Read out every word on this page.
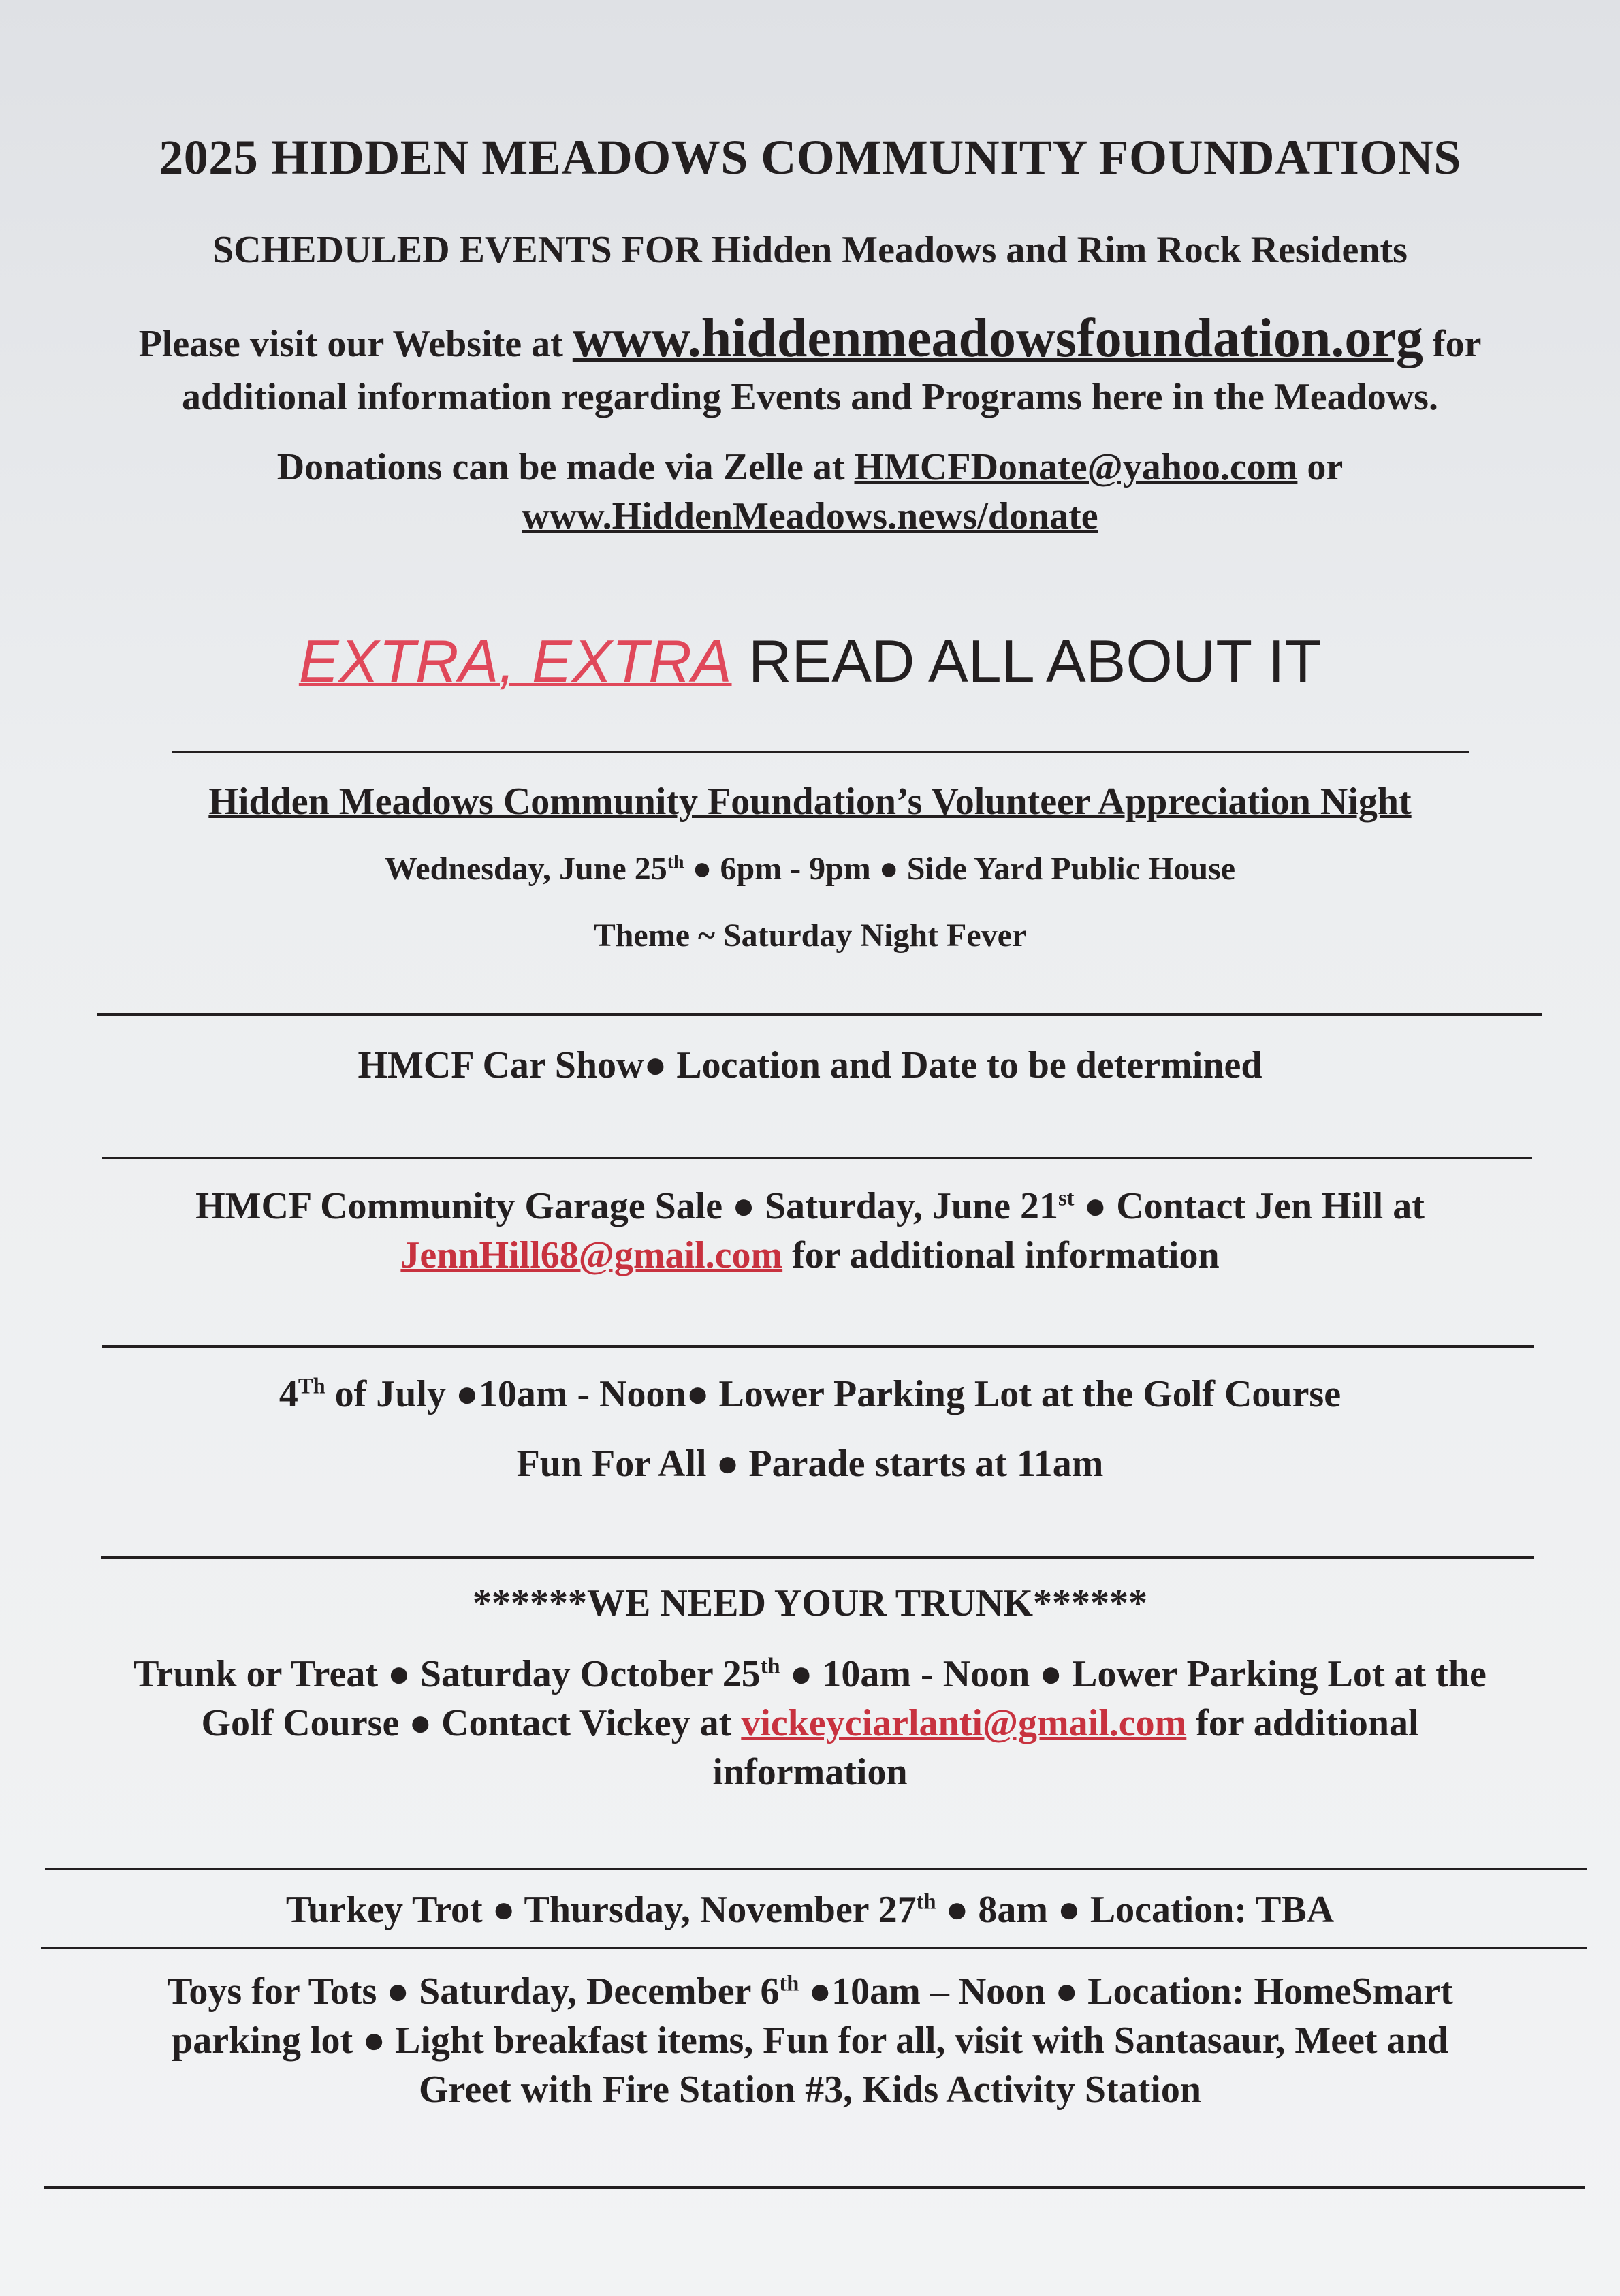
2025 HIDDEN MEADOWS COMMUNITY FOUNDATIONS
SCHEDULED EVENTS FOR Hidden Meadows and Rim Rock Residents
Please visit our Website at www.hiddenmeadowsfoundation.org for
additional information regarding Events and Programs here in the Meadows.
Donations can be made via Zelle at HMCFDonate@yahoo.com or
www.HiddenMeadows.news/donate
EXTRA, EXTRA READ ALL ABOUT IT
Hidden Meadows Community Foundation’s Volunteer Appreciation Night
Wednesday, June 25th ● 6pm - 9pm ● Side Yard Public House
Theme ~ Saturday Night Fever
HMCF Car Show● Location and Date to be determined
HMCF Community Garage Sale ● Saturday, June 21st ● Contact Jen Hill at
JennHill68@gmail.com for additional information
4Th of July ●10am - Noon● Lower Parking Lot at the Golf Course
Fun For All ● Parade starts at 11am
******WE NEED YOUR TRUNK******
Trunk or Treat ● Saturday October 25th ● 10am - Noon ● Lower Parking Lot at the
Golf Course ● Contact Vickey at vickeyciarlanti@gmail.com for additional
information
Turkey Trot ● Thursday, November 27th ● 8am ● Location: TBA
Toys for Tots ● Saturday, December 6th ●10am – Noon ● Location: HomeSmart
parking lot ● Light breakfast items, Fun for all, visit with Santasaur, Meet and
Greet with Fire Station #3, Kids Activity Station
